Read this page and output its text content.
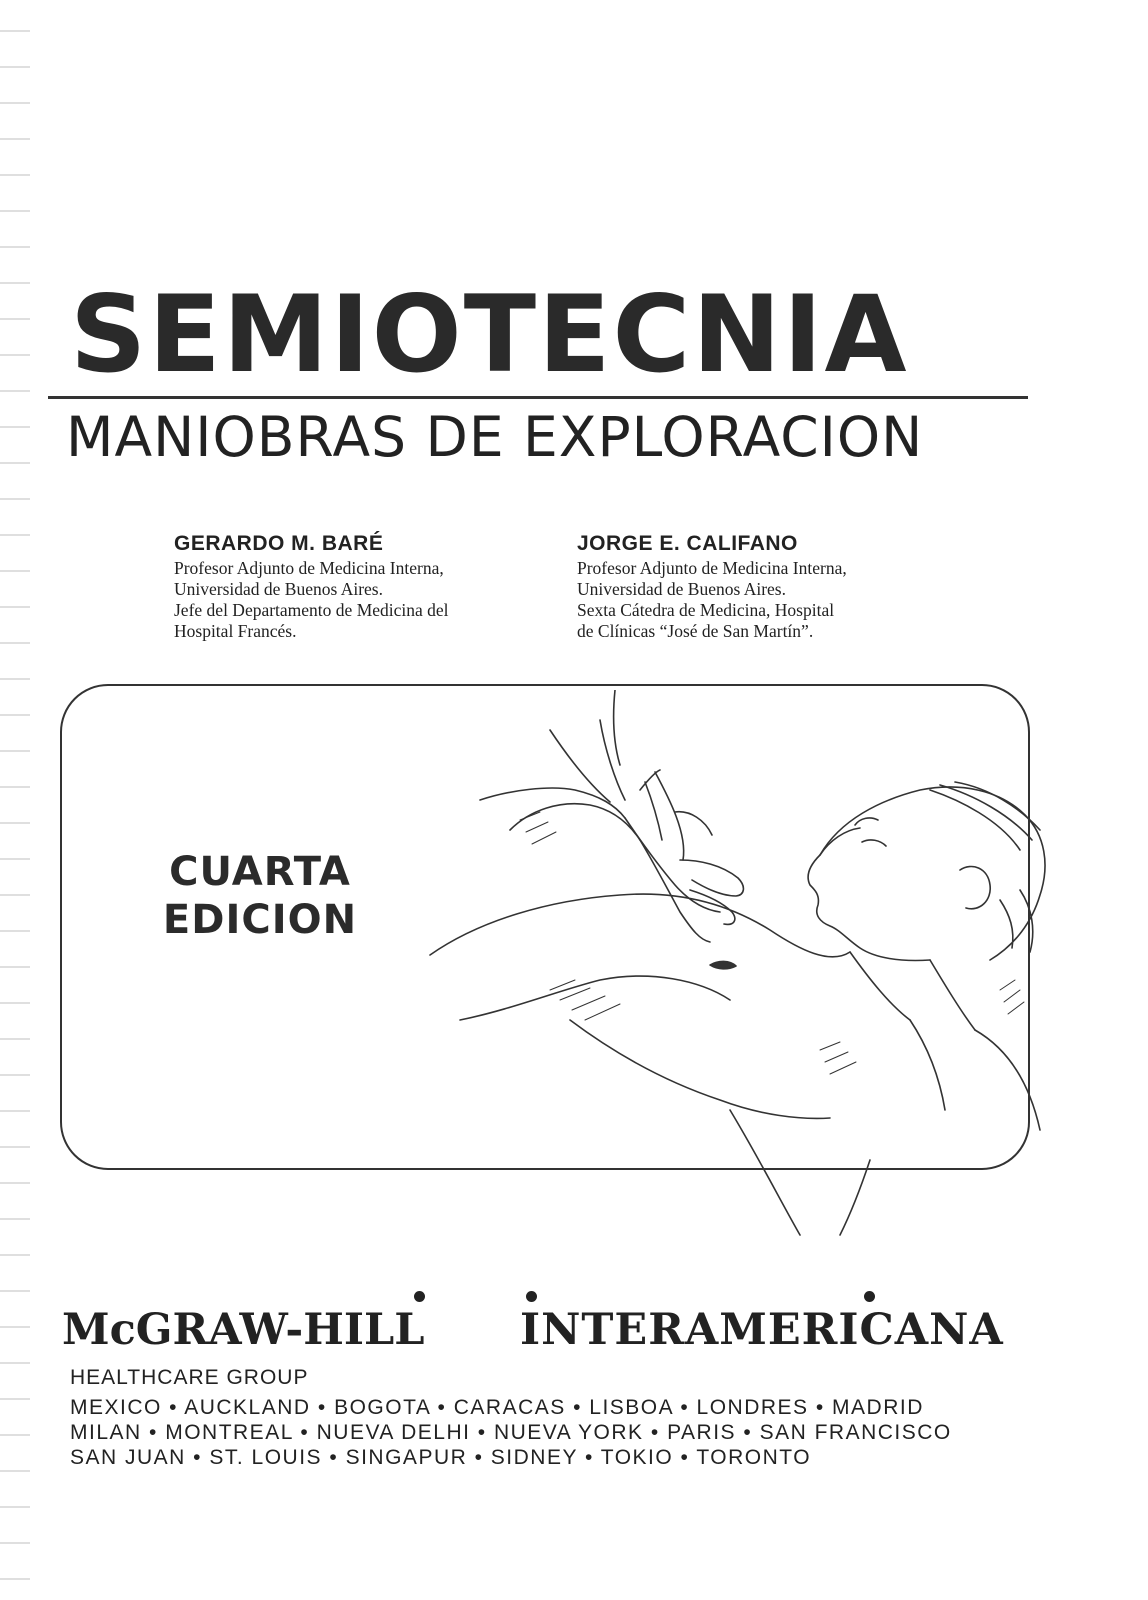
SEMIOTECNIA
MANIOBRAS DE EXPLORACION
GERARDO M. BARÉ
Profesor Adjunto de Medicina Interna,
Universidad de Buenos Aires.
Jefe del Departamento de Medicina del
Hospital Francés.
JORGE E. CALIFANO
Profesor Adjunto de Medicina Interna,
Universidad de Buenos Aires.
Sexta Cátedra de Medicina, Hospital
de Clínicas “José de San Martín”.
CUARTA
EDICION
McGRAW-HILL INTERAMERICANA
HEALTHCARE GROUP
MEXICO • AUCKLAND • BOGOTA • CARACAS • LISBOA • LONDRES • MADRID
MILAN • MONTREAL • NUEVA DELHI • NUEVA YORK • PARIS • SAN FRANCISCO
SAN JUAN • ST. LOUIS • SINGAPUR • SIDNEY • TOKIO • TORONTO
